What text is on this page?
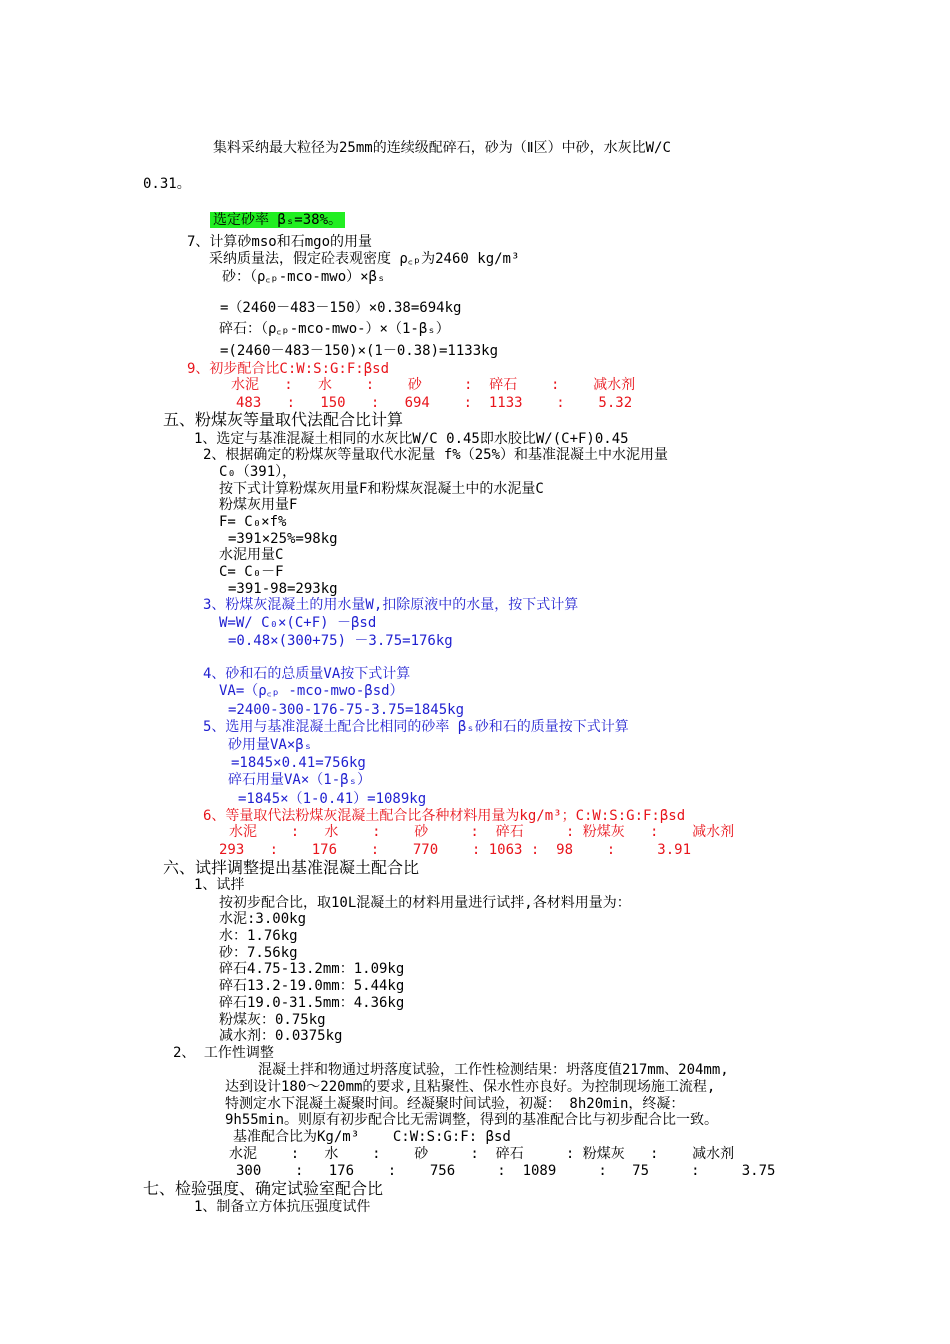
集料采纳最大粒径为25mm的连续级配碎石，砂为（Ⅱ区）中砂，水灰比W/C
0.31。
选定砂率 βₛ=38%。
7、计算砂mso和石mgo的用量
采纳质量法，假定砼表观密度 ρ꜀ₚ为2460 kg/m³
砂：（ρ꜀ₚ-mco-mwo）×βₛ
=（2460－483－150）×0.38=694kg
碎石：（ρ꜀ₚ-mco-mwo-）×（1-βₛ）
=(2460－483－150)×(1－0.38)=1133kg
9、初步配合比C:W:S:G:F:βsd
水泥   :   水    :    砂     :  碎石    :    减水剂
483   :   150   :   694    :  1133    :    5.32
五、粉煤灰等量取代法配合比计算
1、选定与基准混凝土相同的水灰比W/C 0.45即水胶比W/(C+F)0.45
2、根据确定的粉煤灰等量取代水泥量 f%（25%）和基准混凝土中水泥用量
C₀（391），
按下式计算粉煤灰用量F和粉煤灰混凝土中的水泥量C
粉煤灰用量F
F= C₀×f%
=391×25%=98kg
水泥用量C
C= C₀－F
=391-98=293kg
3、粉煤灰混凝土的用水量W,扣除原液中的水量，按下式计算
W=W/ C₀×(C+F) －βsd
=0.48×(300+75) －3.75=176kg
4、砂和石的总质量VA按下式计算
VA=（ρ꜀ₚ -mco-mwo-βsd）
=2400-300-176-75-3.75=1845kg
5、选用与基准混凝土配合比相同的砂率 βₛ砂和石的质量按下式计算
砂用量VA×βₛ
=1845×0.41=756kg
碎石用量VA×（1-βₛ）
=1845×（1-0.41）=1089kg
6、等量取代法粉煤灰混凝土配合比各种材料用量为kg/m³；C:W:S:G:F:βsd
水泥    :   水    :    砂     :  碎石     : 粉煤灰   :    减水剂
293   :    176    :    770    : 1063 :  98    :     3.91
六、试拌调整提出基准混凝土配合比
1、试拌
按初步配合比，取10L混凝土的材料用量进行试拌,各材料用量为：
水泥:3.00kg
水：1.76kg
砂：7.56kg
碎石4.75-13.2mm：1.09kg
碎石13.2-19.0mm：5.44kg
碎石19.0-31.5mm：4.36kg
粉煤灰：0.75kg
减水剂：0.0375kg
2、 工作性调整
混凝土拌和物通过坍落度试验，工作性检测结果：坍落度值217mm、204mm,
达到设计180～220mm的要求,且粘聚性、保水性亦良好。为控制现场施工流程,
特测定水下混凝土凝聚时间。经凝聚时间试验，初凝： 8h20min，终凝：
9h55min。则原有初步配合比无需调整，得到的基准配合比与初步配合比一致。
基准配合比为Kg/m³    C:W:S:G:F: βsd
水泥    :   水    :    砂     :  碎石     : 粉煤灰   :    减水剂
300    :   176    :    756     :  1089     :   75     :     3.75
七、检验强度、确定试验室配合比
1、制备立方体抗压强度试件
